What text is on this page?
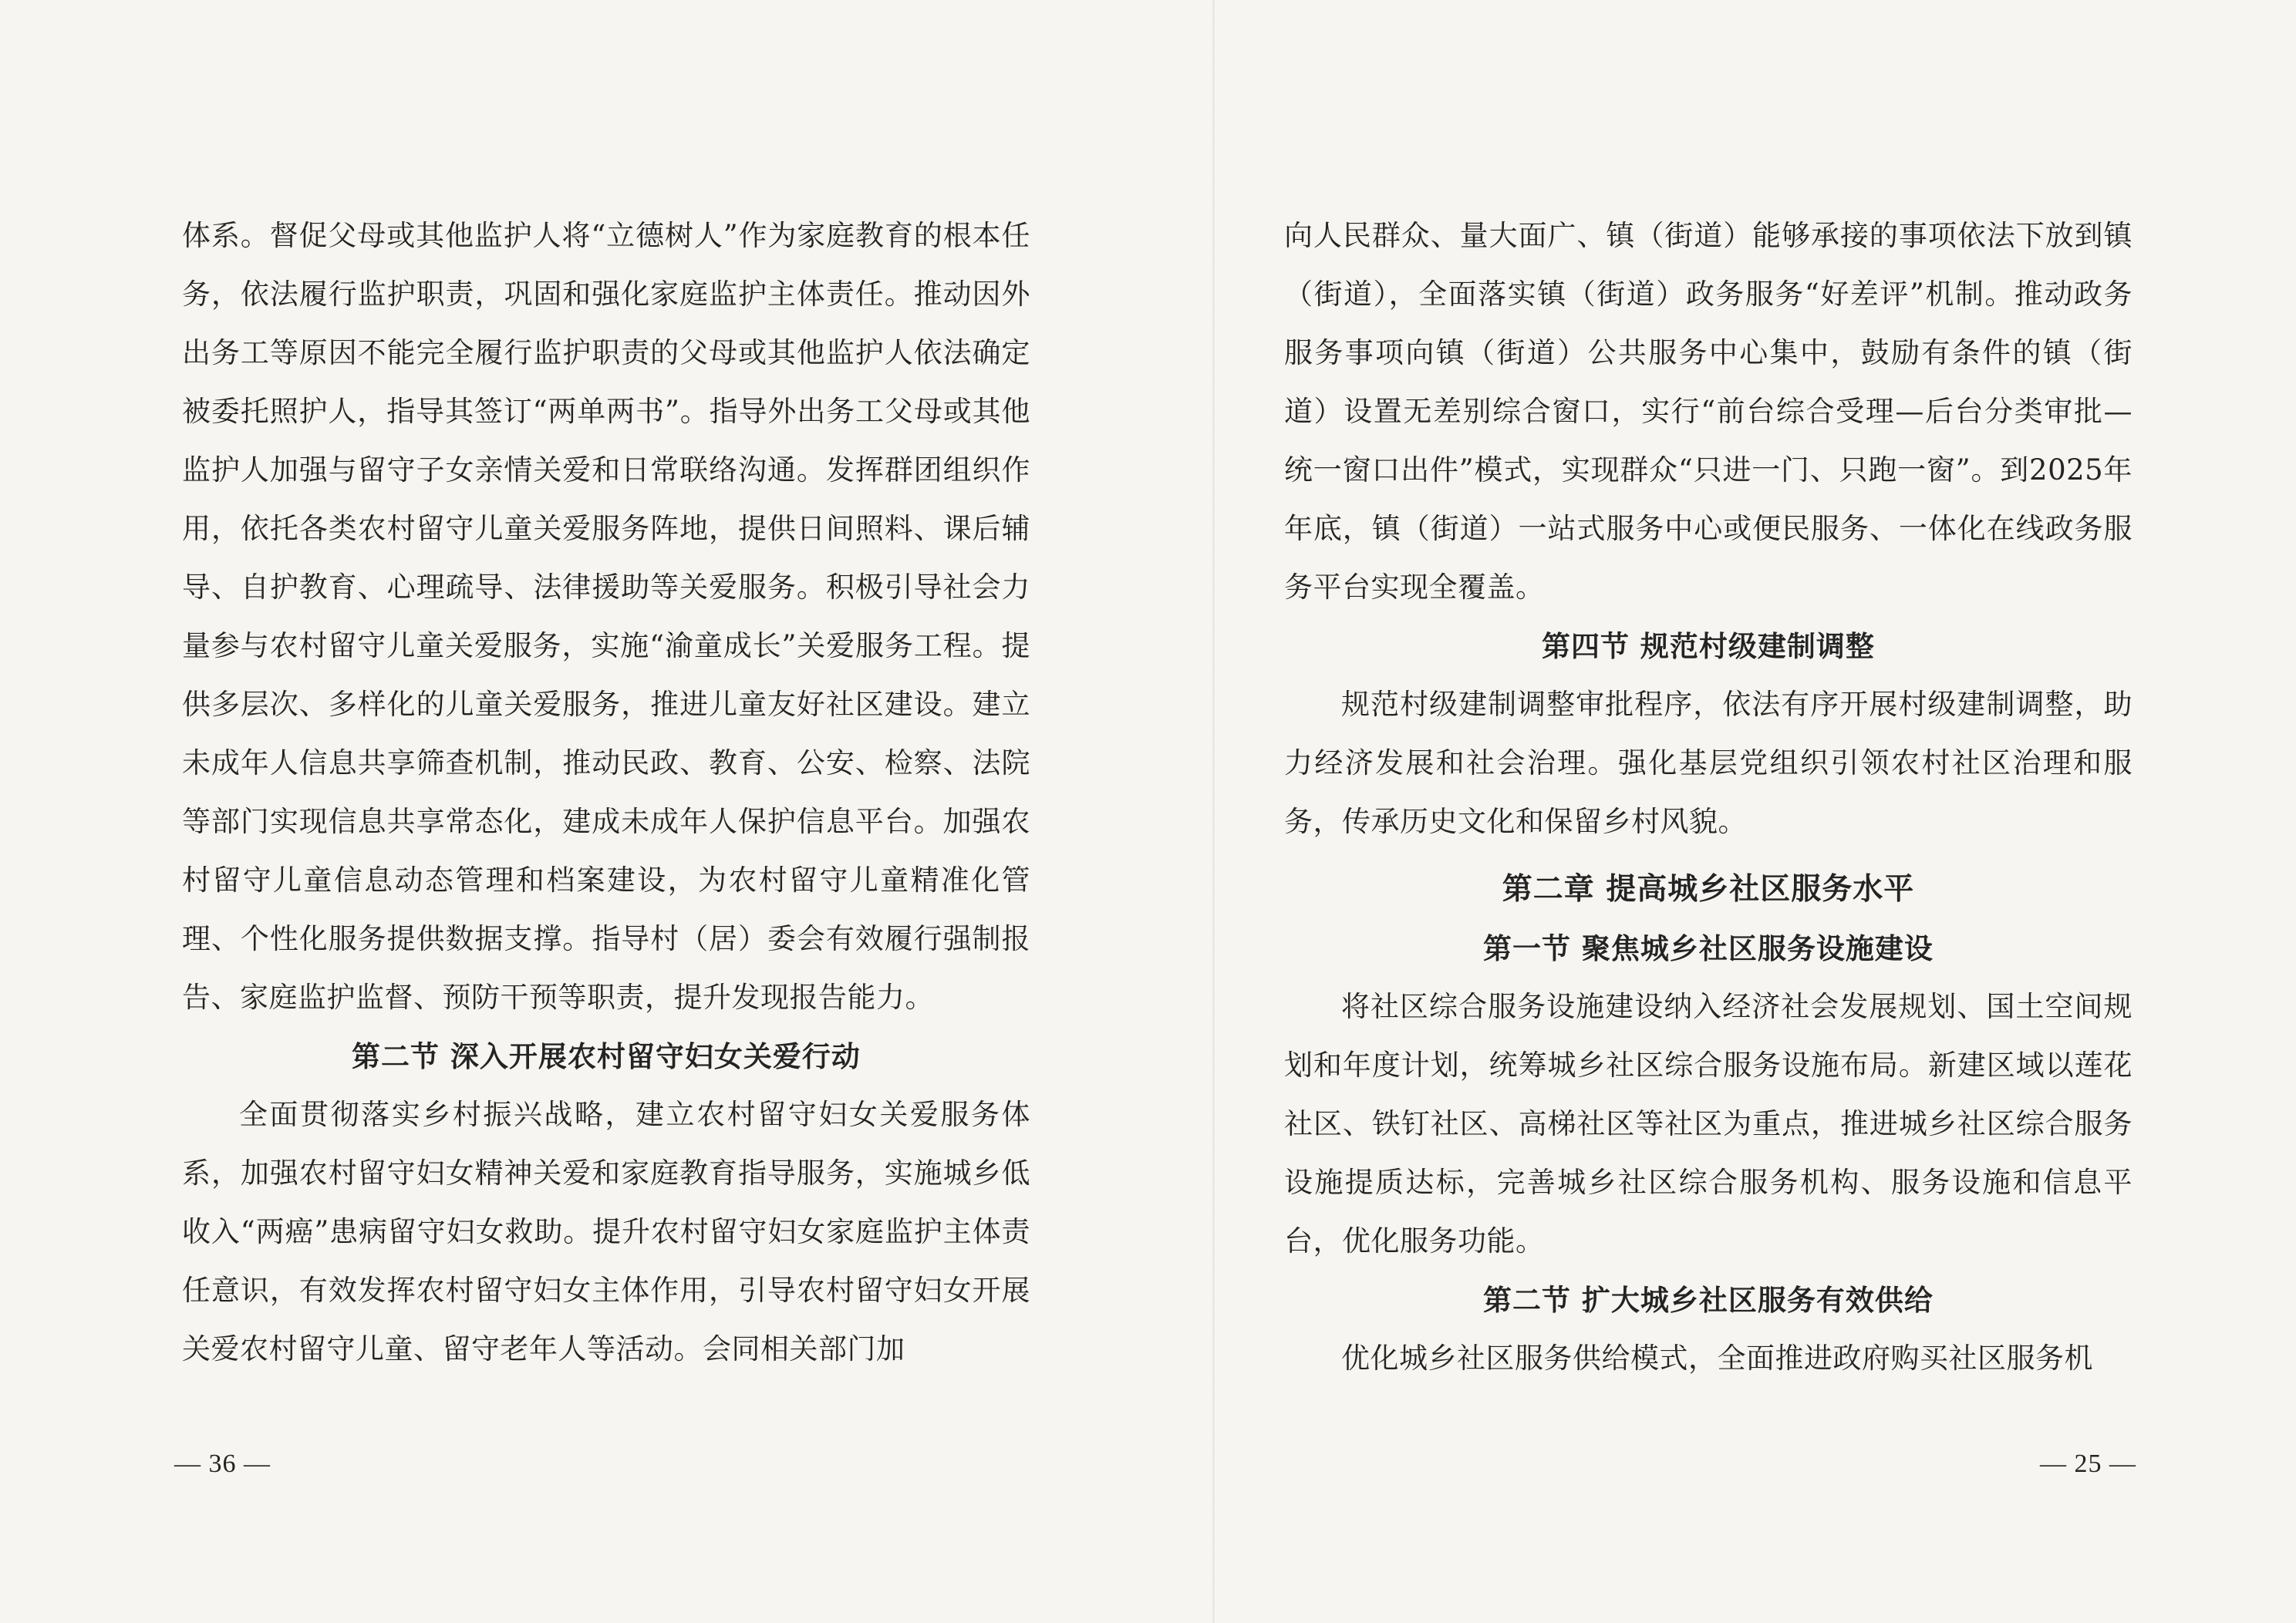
体系。督促父母或其他监护人将“立德树人”作为家庭教育的根本任务，依法履行监护职责，巩固和强化家庭监护主体责任。推动因外出务工等原因不能完全履行监护职责的父母或其他监护人依法确定被委托照护人，指导其签订“两单两书”。指导外出务工父母或其他监护人加强与留守子女亲情关爱和日常联络沟通。发挥群团组织作用，依托各类农村留守儿童关爱服务阵地，提供日间照料、课后辅导、自护教育、心理疏导、法律援助等关爱服务。积极引导社会力量参与农村留守儿童关爱服务，实施“渝童成长”关爱服务工程。提供多层次、多样化的儿童关爱服务，推进儿童友好社区建设。建立未成年人信息共享筛查机制，推动民政、教育、公安、检察、法院等部门实现信息共享常态化，建成未成年人保护信息平台。加强农村留守儿童信息动态管理和档案建设，为农村留守儿童精准化管理、个性化服务提供数据支撑。指导村（居）委会有效履行强制报告、家庭监护监督、预防干预等职责，提升发现报告能力。

第二节 深入开展农村留守妇女关爱行动

全面贯彻落实乡村振兴战略，建立农村留守妇女关爱服务体系，加强农村留守妇女精神关爱和家庭教育指导服务，实施城乡低收入“两癌”患病留守妇女救助。提升农村留守妇女家庭监护主体责任意识，有效发挥农村留守妇女主体作用，引导农村留守妇女开展关爱农村留守儿童、留守老年人等活动。会同相关部门加

— 36 —

向人民群众、量大面广、镇（街道）能够承接的事项依法下放到镇（街道），全面落实镇（街道）政务服务“好差评”机制。推动政务服务事项向镇（街道）公共服务中心集中，鼓励有条件的镇（街道）设置无差别综合窗口，实行“前台综合受理—后台分类审批—统一窗口出件”模式，实现群众“只进一门、只跑一窗”。到2025年年底，镇（街道）一站式服务中心或便民服务、一体化在线政务服务平台实现全覆盖。

第四节 规范村级建制调整

规范村级建制调整审批程序，依法有序开展村级建制调整，助力经济发展和社会治理。强化基层党组织引领农村社区治理和服务，传承历史文化和保留乡村风貌。

第二章 提高城乡社区服务水平
第一节 聚焦城乡社区服务设施建设

将社区综合服务设施建设纳入经济社会发展规划、国土空间规划和年度计划，统筹城乡社区综合服务设施布局。新建区域以莲花社区、铁钉社区、高梯社区等社区为重点，推进城乡社区综合服务设施提质达标，完善城乡社区综合服务机构、服务设施和信息平台，优化服务功能。

第二节 扩大城乡社区服务有效供给

优化城乡社区服务供给模式，全面推进政府购买社区服务机

— 25 —
